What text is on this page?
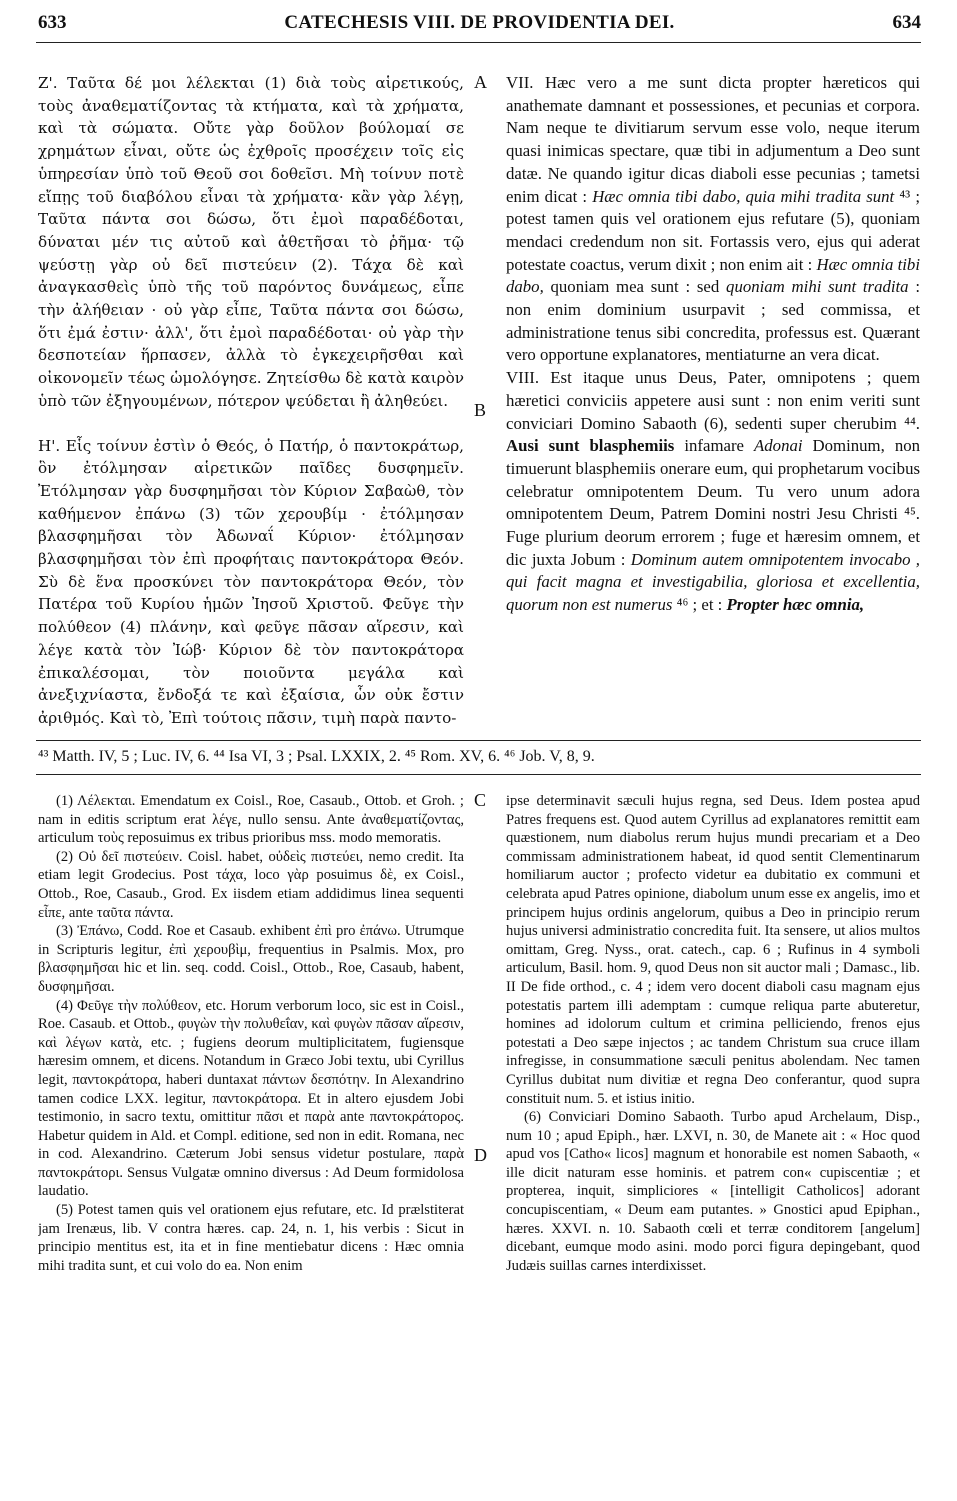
633	CATECHESIS VIII. DE PROVIDENTIA DEI.	634

Ζ'. Ταῦτα δέ μοι λέλεκται (1) διὰ τοὺς αἱρετικούς, τοὺς ἀναθεματίζοντας τὰ κτήματα, καὶ τὰ χρήματα, καὶ τὰ σώματα. Οὔτε γὰρ δοῦλον βούλομαί σε χρημάτων εἶναι, οὔτε ὡς ἐχθροῖς προσέχειν τοῖς εἰς ὑπηρεσίαν ὑπὸ τοῦ Θεοῦ σοι δοθεῖσι. Μὴ τοίνυν ποτὲ εἴπῃς τοῦ διαβόλου εἶναι τὰ χρήματα· κἂν γὰρ λέγῃ, Ταῦτα πάντα σοι δώσω, ὅτι ἐμοὶ παραδέδοται, δύναται μέν τις αὐτοῦ καὶ ἀθετῆσαι τὸ ῥῆμα· τῷ ψεύστῃ γὰρ οὐ δεῖ πιστεύειν (2). Τάχα δὲ καὶ ἀναγκασθεὶς ὑπὸ τῆς τοῦ παρόντος δυνάμεως, εἶπε τὴν ἀλήθειαν · οὐ γὰρ εἶπε, Ταῦτα πάντα σοι δώσω, ὅτι ἐμά ἐστιν· ἀλλ', ὅτι ἐμοὶ παραδέδοται· οὐ γὰρ τὴν δεσποτείαν ἥρπασεν, ἀλλὰ τὸ ἐγκεχειρῆσθαι καὶ οἰκονομεῖν τέως ὡμολόγησε. Ζητείσθω δὲ κατὰ καιρὸν ὑπὸ τῶν ἐξηγουμένων, πότερον ψεύδεται ἢ ἀληθεύει.

Η'. Εἷς τοίνυν ἐστὶν ὁ Θεός, ὁ Πατήρ, ὁ παντοκράτωρ, ὃν ἐτόλμησαν αἱρετικῶν παῖδες δυσφημεῖν. Ἐτόλμησαν γὰρ δυσφημῆσαι τὸν Κύριον Σαβαὼθ, τὸν καθήμενον ἐπάνω (3) τῶν χερουβίμ · ἐτόλμησαν βλασφημῆσαι τὸν Ἀδωναΐ Κύριον· ἐτόλμησαν βλασφημῆσαι τὸν ἐπὶ προφήταις παντοκράτορα Θεόν. Σὺ δὲ ἕνα προσκύνει τὸν παντοκράτορα Θεόν, τὸν Πατέρα τοῦ Κυρίου ἡμῶν Ἰησοῦ Χριστοῦ. Φεῦγε τὴν πολύθεον (4) πλάνην, καὶ φεῦγε πᾶσαν αἵρεσιν, καὶ λέγε κατὰ τὸν Ἰώβ· Κύριον δὲ τὸν παντοκράτορα ἐπικαλέσομαι, τὸν ποιοῦντα μεγάλα καὶ ἀνεξιχνίαστα, ἔνδοξά τε καὶ ἐξαίσια, ὧν οὐκ ἔστιν ἀριθμός. Καὶ τὸ, Ἐπὶ τούτοις πᾶσιν, τιμὴ παρὰ παντο-

A
B

VII. Hæc vero a me sunt dicta propter hæreticos qui anathemate damnant et possessiones, et pecunias et corpora. Nam neque te divitiarum servum esse volo, neque iterum quasi inimicas spectare, quæ tibi in adjumentum a Deo sunt datæ. Ne quando igitur dicas diaboli esse pecunias ; tametsi enim dicat : Hæc omnia tibi dabo, quia mihi tradita sunt ⁴³ ; potest tamen quis vel orationem ejus refutare (5), quoniam mendaci credendum non sit. Fortassis vero, ejus qui aderat potestate coactus, verum dixit ; non enim ait : Hæc omnia tibi dabo, quoniam mea sunt : sed quoniam mihi sunt tradita : non enim dominium usurpavit ; sed commissa, et administratione tenus sibi concredita, professus est. Quærant vero opportune explanatores, mentiaturne an vera dicat.

VIII. Est itaque unus Deus, Pater, omnipotens ; quem hæretici conviciis appetere ausi sunt : non enim veriti sunt conviciari Domino Sabaoth (6), sedenti super cherubim ⁴⁴. Ausi sunt blasphemiis infamare Adonai Dominum, non timuerunt blasphemiis onerare eum, qui prophetarum vocibus celebratur omnipotentem Deum. Tu vero unum adora omnipotentem Deum, Patrem Domini nostri Jesu Christi ⁴⁵. Fuge plurium deorum errorem ; fuge et hæresim omnem, et dic juxta Jobum : Dominum autem omnipotentem invocabo , qui facit magna et investigabilia, gloriosa et excellentia, quorum non est numerus ⁴⁶ ; et : Propter hæc omnia,

⁴³ Matth. IV, 5 ; Luc. IV, 6. ⁴⁴ Isa VI, 3 ; Psal. LXXIX, 2. ⁴⁵ Rom. XV, 6. ⁴⁶ Job. V, 8, 9.
C
D

(1) Λέλεκται. Emendatum ex Coisl., Roe, Casaub., Ottob. et Groh. ; nam in editis scriptum erat λέγε, nullo sensu. Ante ἀναθεματίζοντας, articulum τοὺς reposuimus ex tribus prioribus mss. modo memoratis.

(2) Οὐ δεῖ πιστεύειν. Coisl. habet, οὐδεὶς πιστεύει, nemo credit. Ita etiam legit Grodecius. Post τάχα, loco γὰρ posuimus δὲ, ex Coisl., Ottob., Roe, Casaub., Grod. Ex iisdem etiam addidimus linea sequenti εἶπε, ante ταῦτα πάντα.

(3) Ἐπάνω, Codd. Roe et Casaub. exhibent ἐπὶ pro ἐπάνω. Utrumque in Scripturis legitur, ἐπὶ χερουβὶμ, frequentius in Psalmis. Mox, pro βλασφημῆσαι hic et lin. seq. codd. Coisl., Ottob., Roe, Casaub, habent, δυσφημῆσαι.

(4) Φεῦγε τὴν πολύθεον, etc. Horum verborum loco, sic est in Coisl., Roe. Casaub. et Ottob., φυγὼν τὴν πολυθεΐαν, καὶ φυγὼν πᾶσαν αἵρεσιν, καὶ λέγων κατὰ, etc. ; fugiens deorum multiplicitatem, fugiensque hæresim omnem, et dicens. Notandum in Græco Jobi textu, ubi Cyrillus legit, παντοκράτορα, haberi duntaxat πάντων δεσπότην. In Alexandrino tamen codice LXX. legitur, παντοκράτορα. Et in altero ejusdem Jobi testimonio, in sacro textu, omittitur πᾶσι et παρὰ ante παντοκράτορος. Habetur quidem in Ald. et Compl. editione, sed non in edit. Romana, nec in cod. Alexandrino. Cæterum Jobi sensus videtur postulare, παρὰ παντοκράτορι. Sensus Vulgatæ omnino diversus : Ad Deum formidolosa laudatio.

(5) Potest tamen quis vel orationem ejus refutare, etc. Id prælstiterat jam Irenæus, lib. V contra hæres. cap. 24, n. 1, his verbis : Sicut in principio mentitus est, ita et in fine mentiebatur dicens : Hæc omnia mihi tradita sunt, et cui volo do ea. Non enim

ipse determinavit sæculi hujus regna, sed Deus. Idem postea apud Patres frequens est. Quod autem Cyrillus ad explanatores remittit eam quæstionem, num diabolus rerum hujus mundi precariam et a Deo commissam administrationem habeat, id quod sentit Clementinarum homiliarum auctor ; profecto videtur ea dubitatio ex communi et celebrata apud Patres opinione, diabolum unum esse ex angelis, imo et principem hujus ordinis angelorum, quibus a Deo in principio rerum hujus universi administratio concredita fuit. Ita sensere, ut alios multos omittam, Greg. Nyss., orat. catech., cap. 6 ; Rufinus in 4 symboli articulum, Basil. hom. 9, quod Deus non sit auctor mali ; Damasc., lib. II De fide orthod., c. 4 ; idem vero docent diaboli casu magnam ejus potestatis partem illi ademptam : cumque reliqua parte abuteretur, homines ad idolorum cultum et crimina pelliciendo, frenos ejus potestati a Deo sæpe injectos ; ac tandem Christum sua cruce illam infregisse, in consummatione sæculi penitus abolendam. Nec tamen Cyrillus dubitat num divitiæ et regna Deo conferantur, quod supra constituit num. 5. et istius initio.

(6) Conviciari Domino Sabaoth. Turbo apud Archelaum, Disp., num 10 ; apud Epiph., hær. LXVI, n. 30, de Manete ait : « Hoc quod apud vos [Catho« licos] magnum et honorabile est nomen Sabaoth, « ille dicit naturam esse hominis. et patrem con« cupiscentiæ ; et propterea, inquit, simpliciores « [intelligit Catholicos] adorant concupiscentiam, « Deum eam putantes. » Gnostici apud Epiphan., hæres. XXVI. n. 10. Sabaoth cœli et terræ conditorem [angelum] dicebant, eumque modo asini. modo porci figura depingebant, quod Judæis suillas carnes interdixisset.
